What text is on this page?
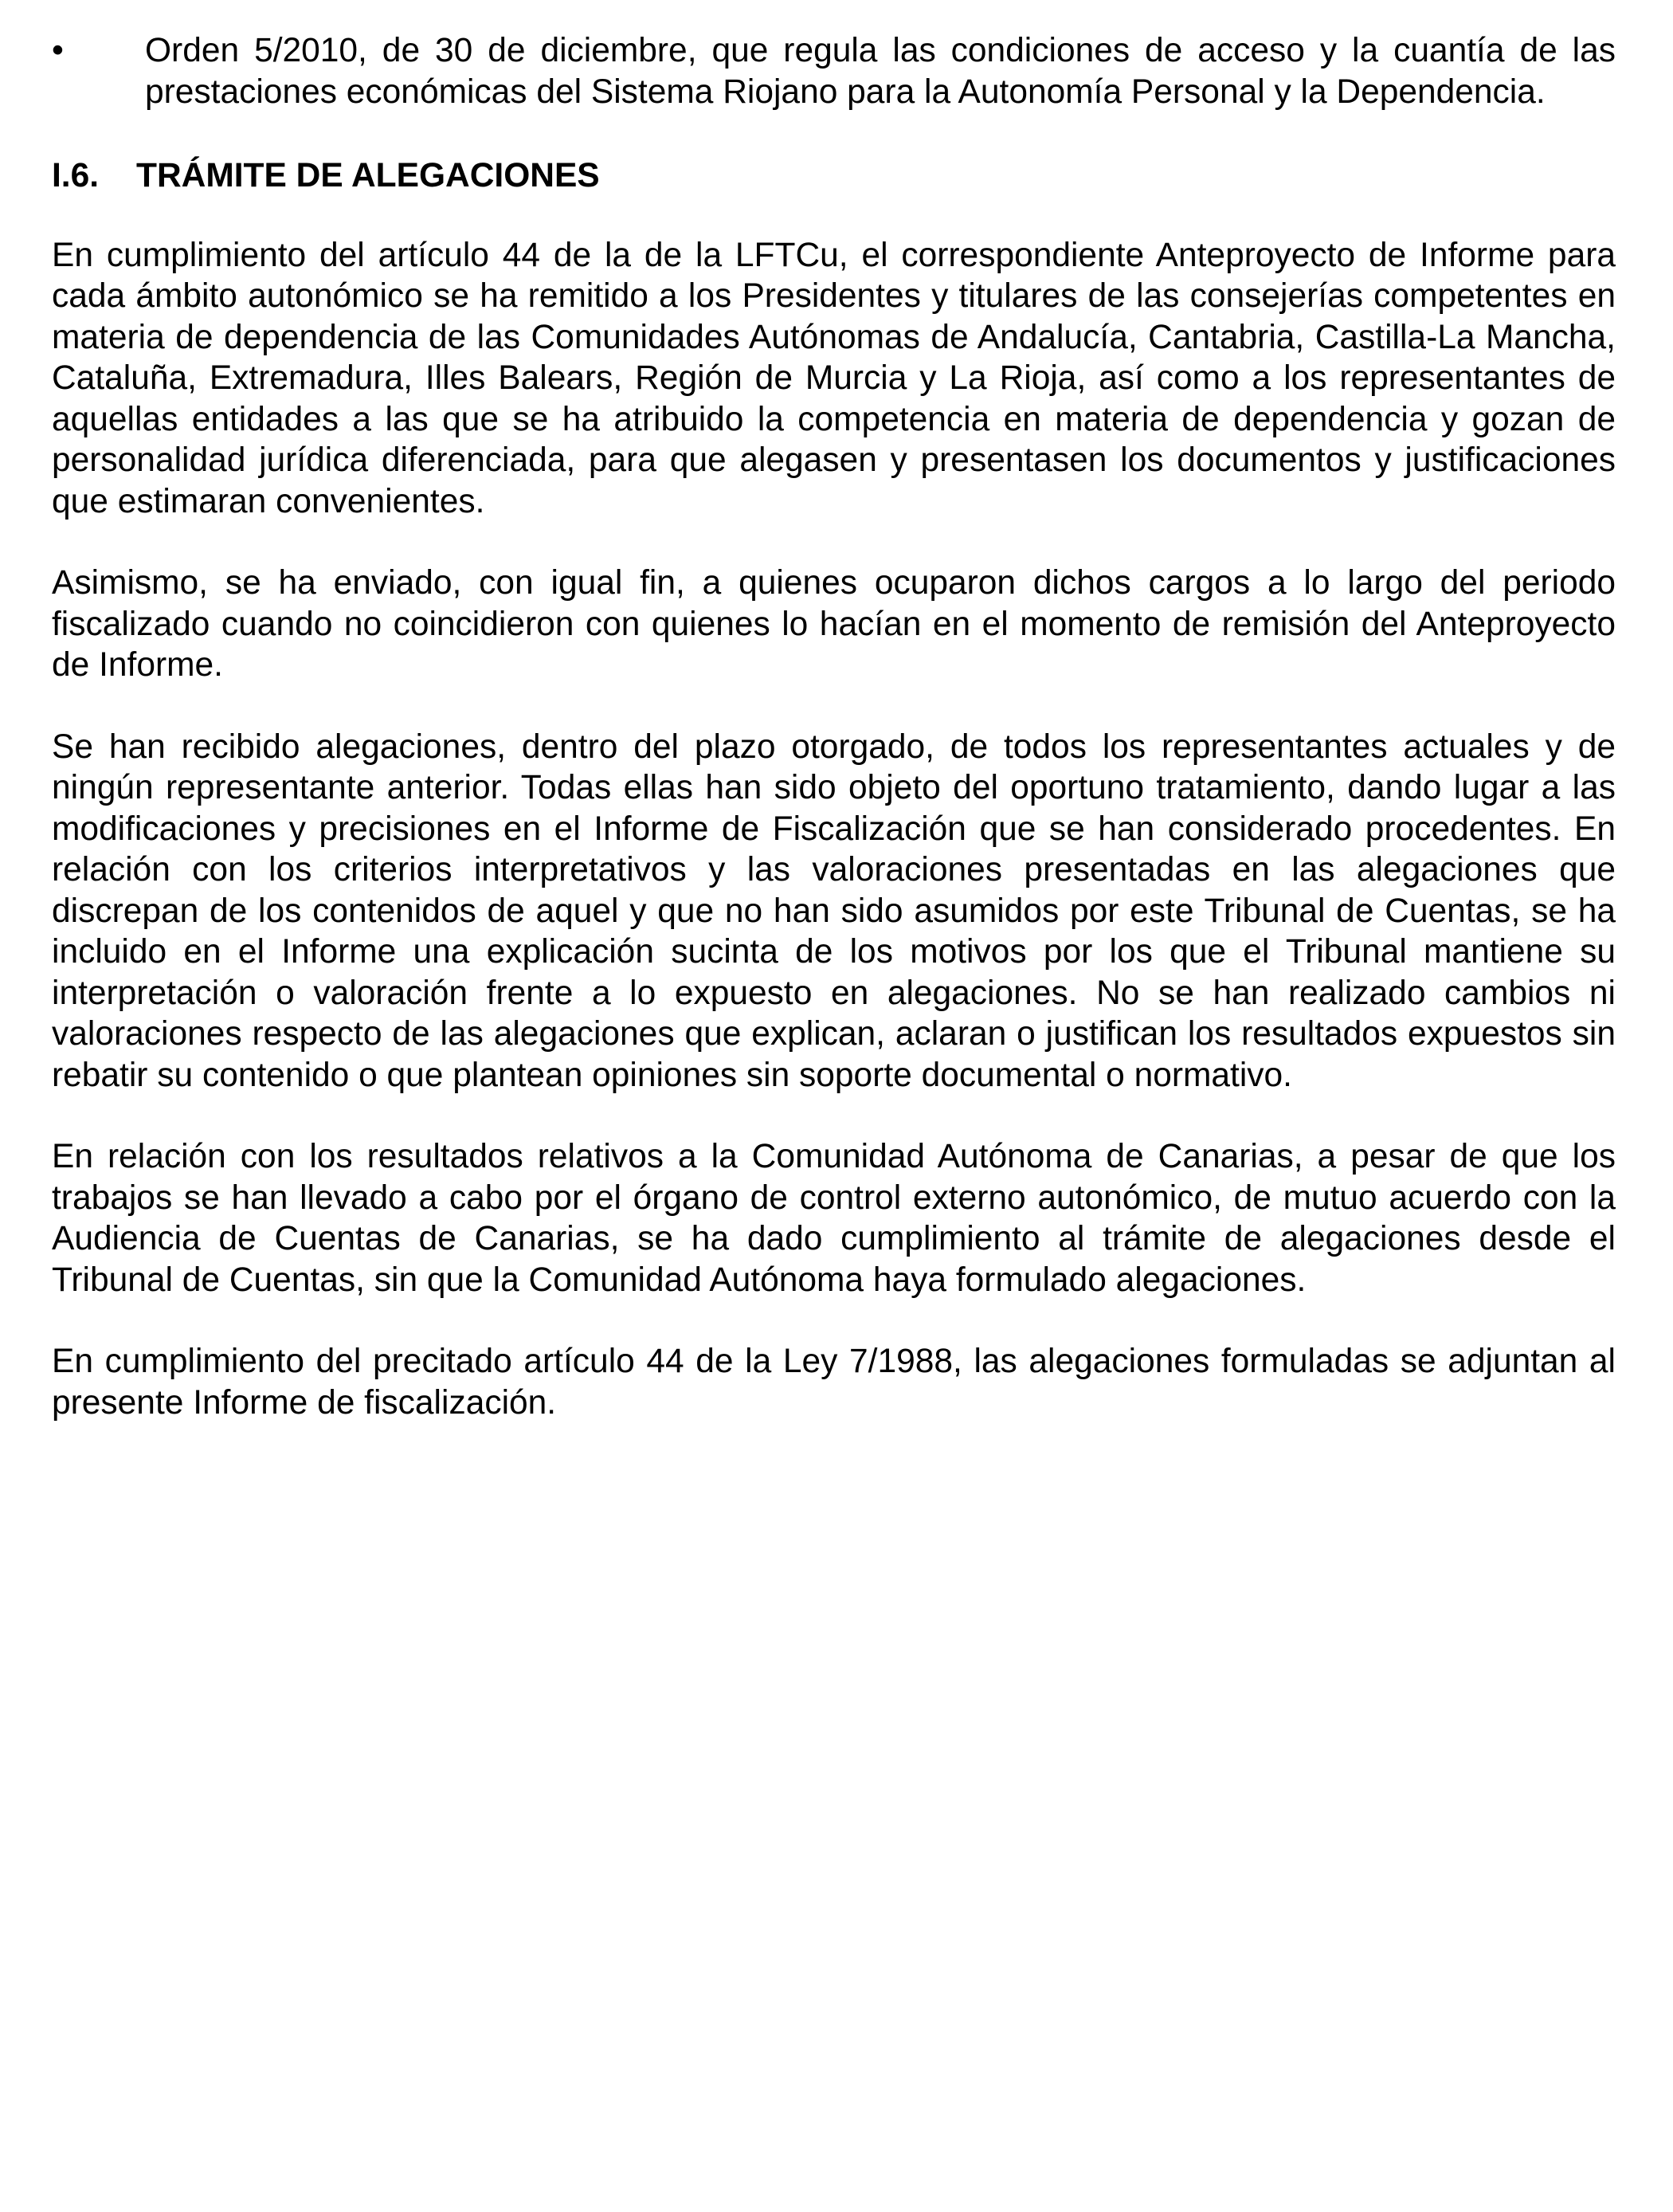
•	Orden 5/2010, de 30 de diciembre, que regula las condiciones de acceso y la cuantía de las prestaciones económicas del Sistema Riojano para la Autonomía Personal y la Dependencia.
I.6.	TRÁMITE DE ALEGACIONES

En cumplimiento del artículo 44 de la de la LFTCu, el correspondiente Anteproyecto de Informe para cada ámbito autonómico se ha remitido a los Presidentes y titulares de las consejerías competentes en materia de dependencia de las Comunidades Autónomas de Andalucía, Cantabria, Castilla-La Mancha, Cataluña, Extremadura, Illes Balears, Región de Murcia y La Rioja, así como a los representantes de aquellas entidades a las que se ha atribuido la competencia en materia de dependencia y gozan de personalidad jurídica diferenciada, para que alegasen y presentasen los documentos y justificaciones que estimaran convenientes.

Asimismo, se ha enviado, con igual fin, a quienes ocuparon dichos cargos a lo largo del periodo fiscalizado cuando no coincidieron con quienes lo hacían en el momento de remisión del Anteproyecto de Informe.

Se han recibido alegaciones, dentro del plazo otorgado, de todos los representantes actuales y de ningún representante anterior. Todas ellas han sido objeto del oportuno tratamiento, dando lugar a las modificaciones y precisiones en el Informe de Fiscalización que se han considerado procedentes. En relación con los criterios interpretativos y las valoraciones presentadas en las alegaciones que discrepan de los contenidos de aquel y que no han sido asumidos por este Tribunal de Cuentas, se ha incluido en el Informe una explicación sucinta de los motivos por los que el Tribunal mantiene su interpretación o valoración frente a lo expuesto en alegaciones. No se han realizado cambios ni valoraciones respecto de las alegaciones que explican, aclaran o justifican los resultados expuestos sin rebatir su contenido o que plantean opiniones sin soporte documental o normativo.

En relación con los resultados relativos a la Comunidad Autónoma de Canarias, a pesar de que los trabajos se han llevado a cabo por el órgano de control externo autonómico, de mutuo acuerdo con la Audiencia de Cuentas de Canarias, se ha dado cumplimiento al trámite de alegaciones desde el Tribunal de Cuentas, sin que la Comunidad Autónoma haya formulado alegaciones.

En cumplimiento del precitado artículo 44 de la Ley 7/1988, las alegaciones formuladas se adjuntan al presente Informe de fiscalización.
